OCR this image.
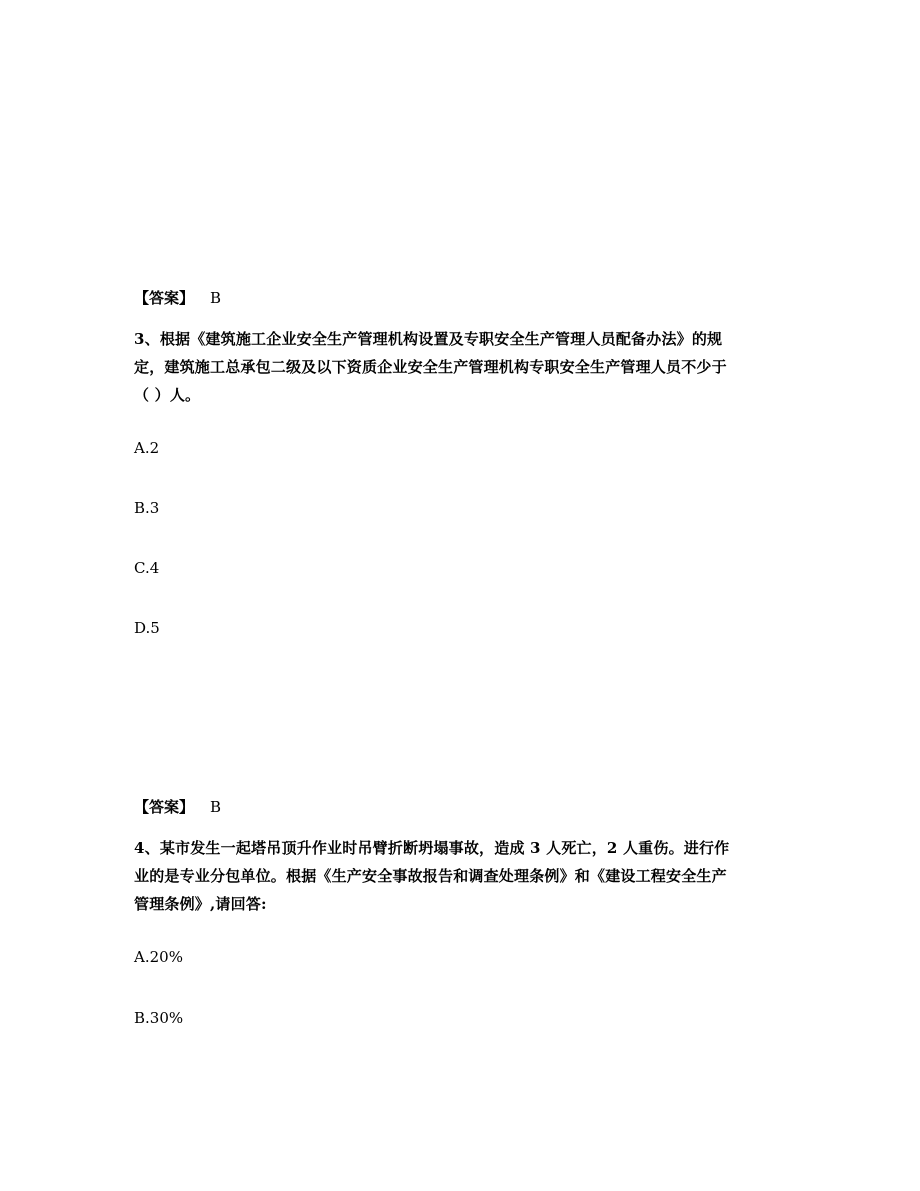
【答案】 B
3、根据《建筑施工企业安全生产管理机构设置及专职安全生产管理人员配备办法》的规
定，建筑施工总承包二级及以下资质企业安全生产管理机构专职安全生产管理人员不少于
（ ）人。
A.2
B.3
C.4
D.5
【答案】 B
4、某市发生一起塔吊顶升作业时吊臂折断坍塌事故，造成 3 人死亡，2 人重伤。进行作
业的是专业分包单位。根据《生产安全事故报告和调查处理条例》和《建设工程安全生产
管理条例》,请回答:
A.20%
B.30%
